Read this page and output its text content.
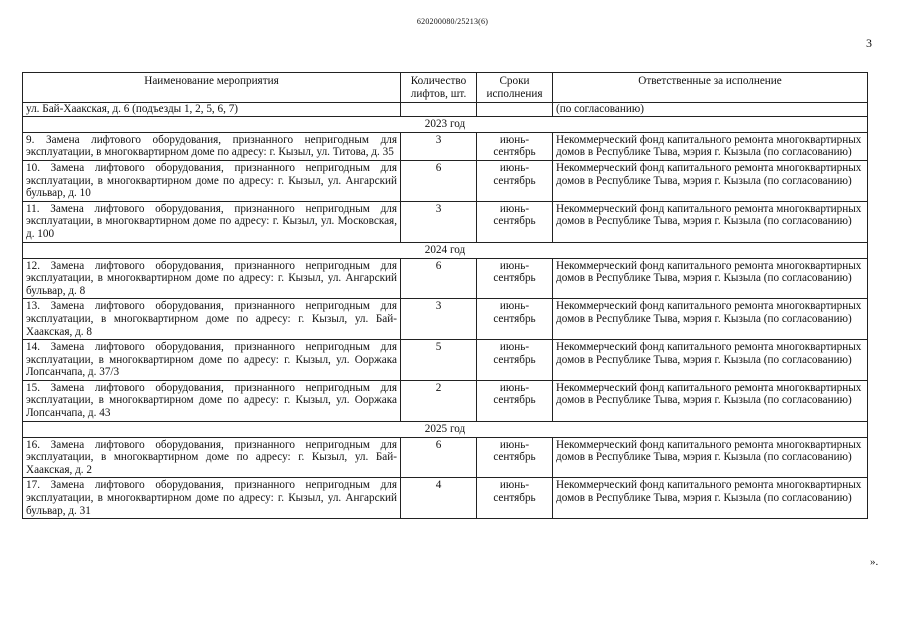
620200080/25213(6)
3
Наименование мероприятия	Количество лифтов, шт.	Сроки исполнения	Ответственные за исполнение
ул. Бай-Хаакская, д. 6 (подъезды 1, 2, 5, 6, 7)			(по согласованию)
2023 год			
9. Замена лифтового оборудования, признанного непригодным для эксплуатации, в многоквартирном доме по адресу: г. Кызыл, ул. Титова, д. 35	3	июнь-сентябрь	Некоммерческий фонд капитального ремонта многоквартирных домов в Республике Тыва, мэрия г. Кызыла (по согласованию)
10. Замена лифтового оборудования, признанного непригодным для эксплуатации, в многоквартирном доме по адресу: г. Кызыл, ул. Ангарский бульвар, д. 10	6	июнь-сентябрь	Некоммерческий фонд капитального ремонта многоквартирных домов в Республике Тыва, мэрия г. Кызыла (по согласованию)
11. Замена лифтового оборудования, признанного непригодным для эксплуатации, в многоквартирном доме по адресу: г. Кызыл, ул. Московская, д. 100	3	июнь-сентябрь	Некоммерческий фонд капитального ремонта многоквартирных домов в Республике Тыва, мэрия г. Кызыла (по согласованию)
2024 год			
12. Замена лифтового оборудования, признанного непригодным для эксплуатации, в многоквартирном доме по адресу: г. Кызыл, ул. Ангарский бульвар, д. 8	6	июнь-сентябрь	Некоммерческий фонд капитального ремонта многоквартирных домов в Республике Тыва, мэрия г. Кызыла (по согласованию)
13. Замена лифтового оборудования, признанного непригодным для эксплуатации, в многоквартирном доме по адресу: г. Кызыл, ул. Бай-Хаакская, д. 8	3	июнь-сентябрь	Некоммерческий фонд капитального ремонта многоквартирных домов в Республике Тыва, мэрия г. Кызыла (по согласованию)
14. Замена лифтового оборудования, признанного непригодным для эксплуатации, в многоквартирном доме по адресу: г. Кызыл, ул. Ооржака Лопсанчапа, д. 37/3	5	июнь-сентябрь	Некоммерческий фонд капитального ремонта многоквартирных домов в Республике Тыва, мэрия г. Кызыла (по согласованию)
15. Замена лифтового оборудования, признанного непригодным для эксплуатации, в многоквартирном доме по адресу: г. Кызыл, ул. Ооржака Лопсанчапа, д. 43	2	июнь-сентябрь	Некоммерческий фонд капитального ремонта многоквартирных домов в Республике Тыва, мэрия г. Кызыла (по согласованию)
2025 год			
16. Замена лифтового оборудования, признанного непригодным для эксплуатации, в многоквартирном доме по адресу: г. Кызыл, ул. Бай-Хаакская, д. 2	6	июнь-сентябрь	Некоммерческий фонд капитального ремонта многоквартирных домов в Республике Тыва, мэрия г. Кызыла (по согласованию)
17. Замена лифтового оборудования, признанного непригодным для эксплуатации, в многоквартирном доме по адресу: г. Кызыл, ул. Ангарский бульвар, д. 31	4	июнь-сентябрь	Некоммерческий фонд капитального ремонта многоквартирных домов в Республике Тыва, мэрия г. Кызыла (по согласованию)
».
